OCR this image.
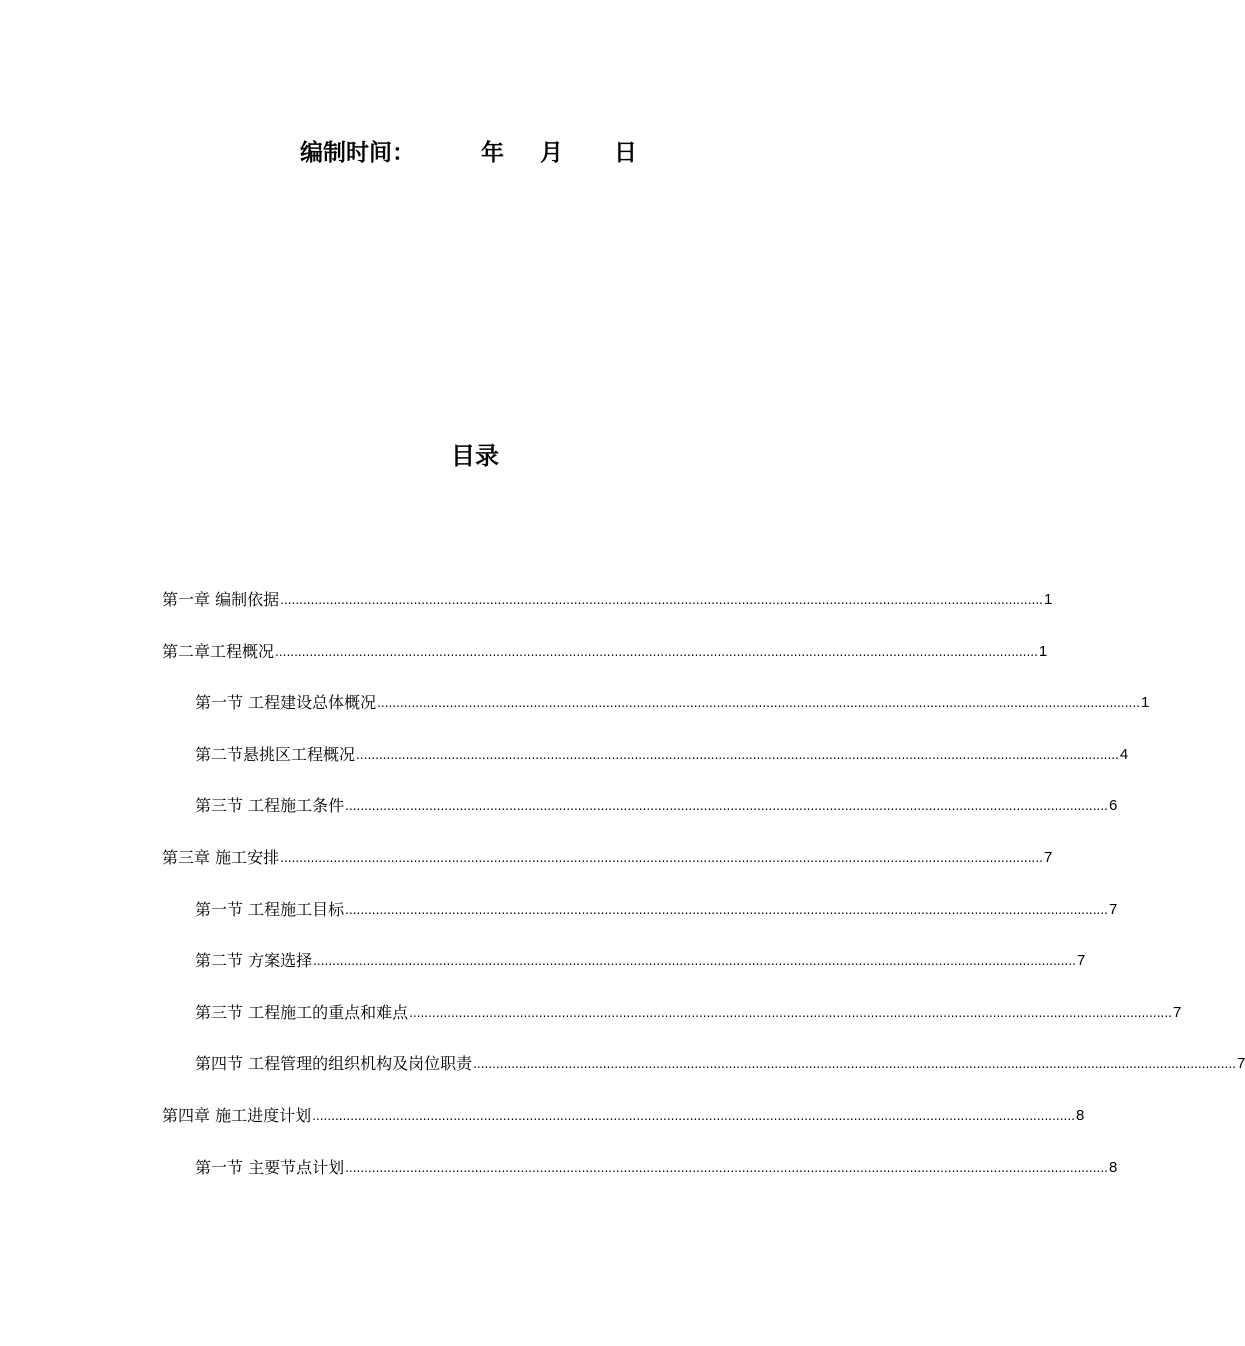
编制时间：	年 月 日
目录
第一章 编制依据 ........................................................................................................................................................................................................ 1
第二章工程概况 ........................................................................................................................................................................................................ 1
第一节 工程建设总体概况 ........................................................................................................................................................................................................ 1
第二节悬挑区工程概况 ........................................................................................................................................................................................................ 4
第三节 工程施工条件 ........................................................................................................................................................................................................ 6
第三章 施工安排 ........................................................................................................................................................................................................ 7
第一节 工程施工目标 ........................................................................................................................................................................................................ 7
第二节 方案选择 ........................................................................................................................................................................................................ 7
第三节 工程施工的重点和难点 ........................................................................................................................................................................................................ 7
第四节 工程管理的组织机构及岗位职责 ........................................................................................................................................................................................................ 7
第四章 施工进度计划 ........................................................................................................................................................................................................ 8
第一节 主要节点计划 ........................................................................................................................................................................................................ 8
